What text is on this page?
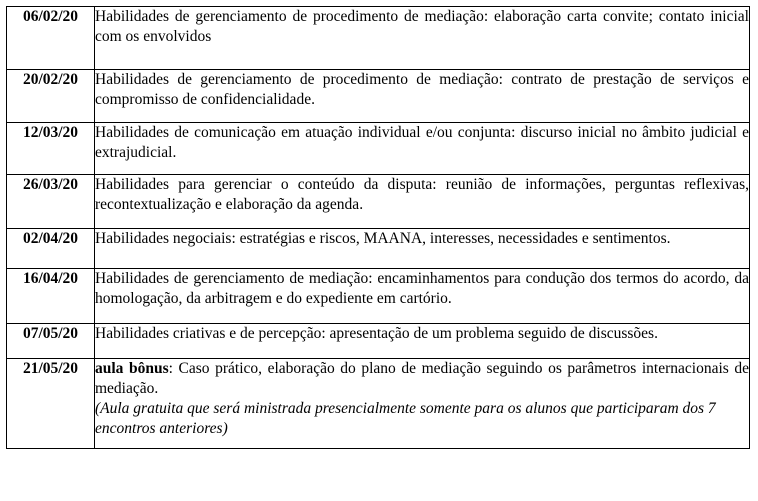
06/02/20	Habilidades de gerenciamento de procedimento de mediação: elaboração carta convite; contato inicial com os envolvidos
20/02/20	Habilidades de gerenciamento de procedimento de mediação: contrato de prestação de serviços e compromisso de confidencialidade.
12/03/20	Habilidades de comunicação em atuação individual e/ou conjunta: discurso inicial no âmbito judicial e extrajudicial.
26/03/20	Habilidades para gerenciar o conteúdo da disputa: reunião de informações, perguntas reflexivas, recontextualização e elaboração da agenda.
02/04/20	Habilidades negociais: estratégias e riscos, MAANA, interesses, necessidades e sentimentos.
16/04/20	Habilidades de gerenciamento de mediação: encaminhamentos para condução dos termos do acordo, da homologação, da arbitragem e do expediente em cartório.
07/05/20	Habilidades criativas e de percepção: apresentação de um problema seguido de discussões.
21/05/20	aula bônus: Caso prático, elaboração do plano de mediação seguindo os parâmetros internacionais de mediação.
(Aula gratuita que será ministrada presencialmente somente para os alunos que participaram dos 7 encontros anteriores)
